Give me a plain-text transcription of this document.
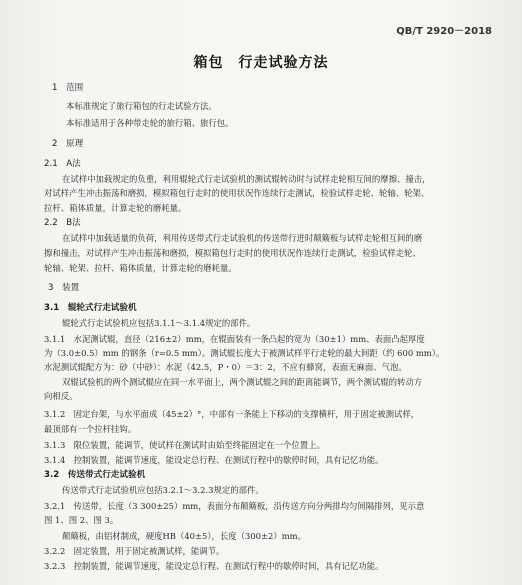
QB/T 2920－2018
箱包　行走试验方法
1　范围
本标准规定了旅行箱包的行走试验方法。
本标准适用于各种带走轮的旅行箱、旅行包。
2　原理
2.1　A法
在试样中加载规定的负重，利用辊轮式行走试验机的测试辊转动时与试样走轮相互间的摩擦、撞击，
对试样产生冲击振荡和磨损，模拟箱包行走时的使用状况作连续行走测试，检验试样走轮、轮轴、轮架、
拉杆、箱体质量，计算走轮的磨耗量。
2.2　B法
在试样中加载适量的负荷，利用传送带式行走试验机的传送带行进时颠簸板与试样走轮相互间的磨
擦和撞击，对试样产生冲击振荡和磨损，模拟箱包行走时的使用状况作连续行走测试，检验试样走轮、
轮轴、轮架、拉杆、箱体质量，计算走轮的磨耗量。
3　装置
3.1　辊轮式行走试验机
辊轮式行走试验机应包括3.1.1～3.1.4规定的部件。
3.1.1　水泥测试辊，直径（216±2）mm，在辊面装有一条凸起的宽为（30±1）mm、表面凸起厚度
为（3.0±0.5）mm 的钢条（r=0.5 mm）。测试辊长度大于被测试样平行走轮的最大间距（约 600 mm）。
水泥测试辊配方为：砂（中砂）：水泥（42.5，P・0）＝3：2，不应有蜂窝，表面无麻面、气泡。
双辊试验机的两个测试辊应在同一水平面上，两个测试辊之间的距离能调节，两个测试辊的转动方
向相反。
3.1.2　固定台架，与水平面成（45±2）°，中部有一条能上下移动的支撑横杆，用于固定被测试样，
最顶部有一个拉杆挂钩。
3.1.3　限位装置，能调节，使试样在测试时由始至终能固定在一个位置上。
3.1.4　控制装置，能调节速度，能设定总行程、在测试行程中的歇停时间，具有记忆功能。
3.2　传送带式行走试验机
传送带式行走试验机应包括3.2.1～3.2.3规定的部件。
3.2.1　传送带，长度（3 300±25）mm，表面分布颠簸板，沿传送方向分两排均匀间隔排列，见示意
图 1、图 2、图 3。
颠簸板，由铝材制成，硬度HB（40±5），长度（300±2）mm。
3.2.2　固定装置，用于固定被测试样，能调节。
3.2.3　控制装置，能调节速度，能设定总行程、在测试行程中的歇停时间，具有记忆功能。
